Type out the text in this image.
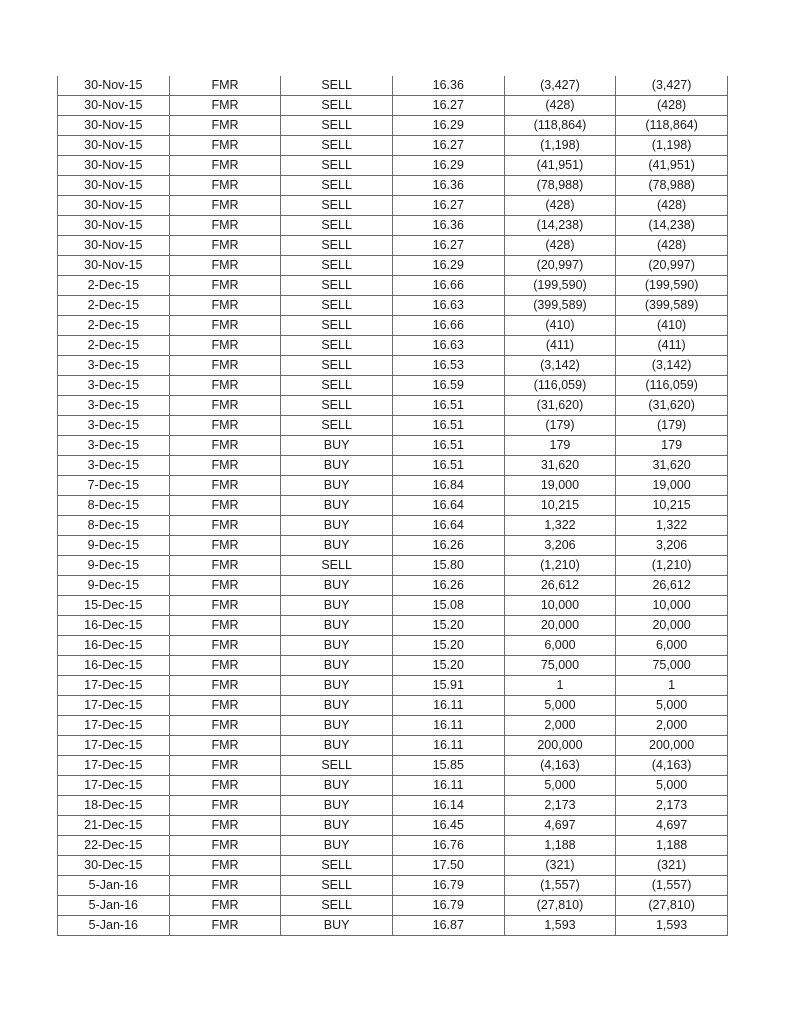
30-Nov-15	FMR	SELL	16.36	(3,427)	(3,427)
30-Nov-15	FMR	SELL	16.27	(428)	(428)
30-Nov-15	FMR	SELL	16.29	(118,864)	(118,864)
30-Nov-15	FMR	SELL	16.27	(1,198)	(1,198)
30-Nov-15	FMR	SELL	16.29	(41,951)	(41,951)
30-Nov-15	FMR	SELL	16.36	(78,988)	(78,988)
30-Nov-15	FMR	SELL	16.27	(428)	(428)
30-Nov-15	FMR	SELL	16.36	(14,238)	(14,238)
30-Nov-15	FMR	SELL	16.27	(428)	(428)
30-Nov-15	FMR	SELL	16.29	(20,997)	(20,997)
2-Dec-15	FMR	SELL	16.66	(199,590)	(199,590)
2-Dec-15	FMR	SELL	16.63	(399,589)	(399,589)
2-Dec-15	FMR	SELL	16.66	(410)	(410)
2-Dec-15	FMR	SELL	16.63	(411)	(411)
3-Dec-15	FMR	SELL	16.53	(3,142)	(3,142)
3-Dec-15	FMR	SELL	16.59	(116,059)	(116,059)
3-Dec-15	FMR	SELL	16.51	(31,620)	(31,620)
3-Dec-15	FMR	SELL	16.51	(179)	(179)
3-Dec-15	FMR	BUY	16.51	179	179
3-Dec-15	FMR	BUY	16.51	31,620	31,620
7-Dec-15	FMR	BUY	16.84	19,000	19,000
8-Dec-15	FMR	BUY	16.64	10,215	10,215
8-Dec-15	FMR	BUY	16.64	1,322	1,322
9-Dec-15	FMR	BUY	16.26	3,206	3,206
9-Dec-15	FMR	SELL	15.80	(1,210)	(1,210)
9-Dec-15	FMR	BUY	16.26	26,612	26,612
15-Dec-15	FMR	BUY	15.08	10,000	10,000
16-Dec-15	FMR	BUY	15.20	20,000	20,000
16-Dec-15	FMR	BUY	15.20	6,000	6,000
16-Dec-15	FMR	BUY	15.20	75,000	75,000
17-Dec-15	FMR	BUY	15.91	1	1
17-Dec-15	FMR	BUY	16.11	5,000	5,000
17-Dec-15	FMR	BUY	16.11	2,000	2,000
17-Dec-15	FMR	BUY	16.11	200,000	200,000
17-Dec-15	FMR	SELL	15.85	(4,163)	(4,163)
17-Dec-15	FMR	BUY	16.11	5,000	5,000
18-Dec-15	FMR	BUY	16.14	2,173	2,173
21-Dec-15	FMR	BUY	16.45	4,697	4,697
22-Dec-15	FMR	BUY	16.76	1,188	1,188
30-Dec-15	FMR	SELL	17.50	(321)	(321)
5-Jan-16	FMR	SELL	16.79	(1,557)	(1,557)
5-Jan-16	FMR	SELL	16.79	(27,810)	(27,810)
5-Jan-16	FMR	BUY	16.87	1,593	1,593
